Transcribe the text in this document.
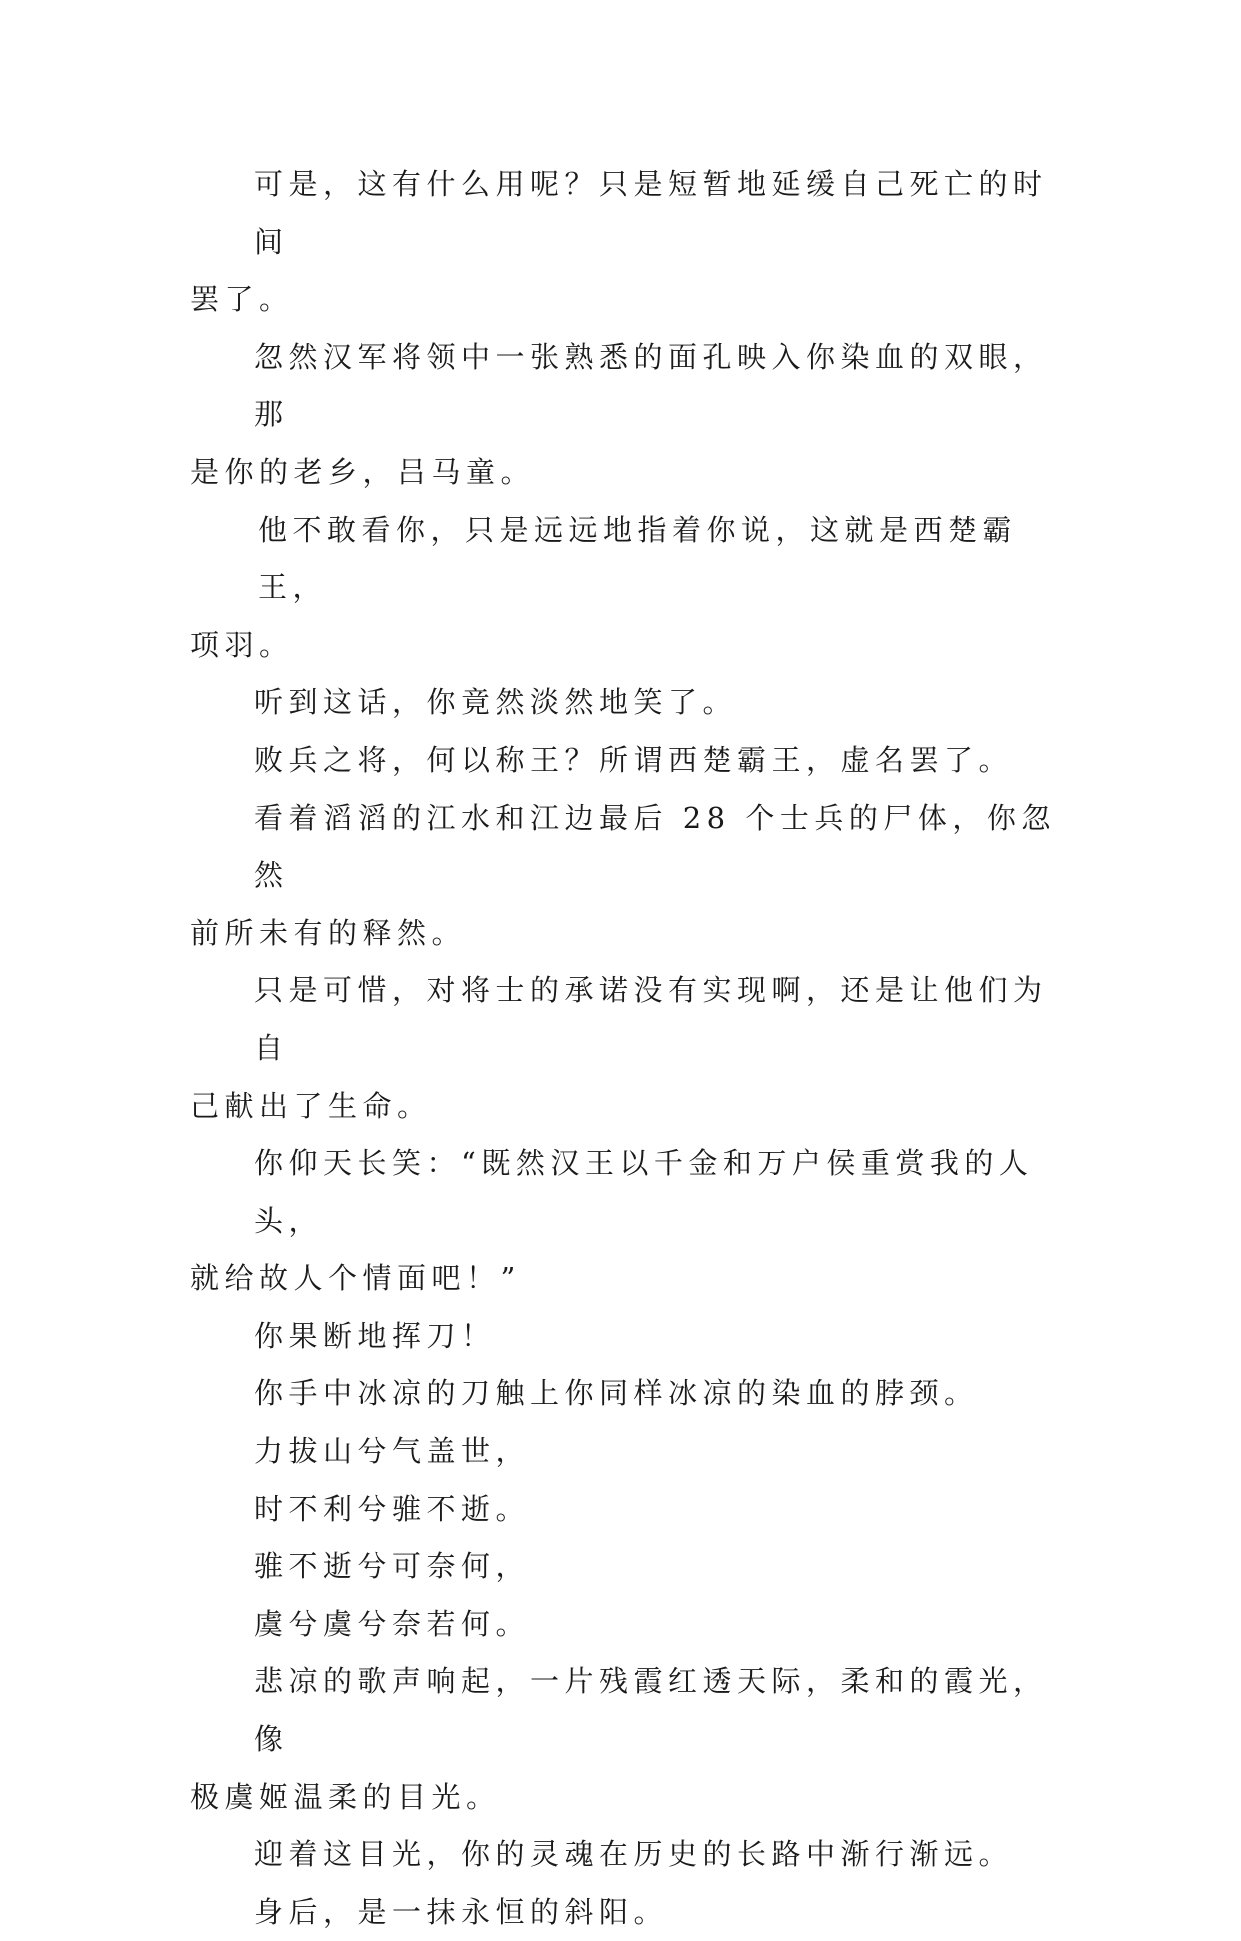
可是，这有什么用呢？只是短暂地延缓自己死亡的时间
罢了。

忽然汉军将领中一张熟悉的面孔映入你染血的双眼，那
是你的老乡，吕马童。

他不敢看你，只是远远地指着你说，这就是西楚霸王，
项羽。

听到这话，你竟然淡然地笑了。

败兵之将，何以称王？所谓西楚霸王，虚名罢了。

看着滔滔的江水和江边最后 28 个士兵的尸体，你忽然
前所未有的释然。

只是可惜，对将士的承诺没有实现啊，还是让他们为自
己献出了生命。

你仰天长笑：“既然汉王以千金和万户侯重赏我的人头，
就给故人个情面吧！”

你果断地挥刀！

你手中冰凉的刀触上你同样冰凉的染血的脖颈。

力拔山兮气盖世，

时不利兮骓不逝。

骓不逝兮可奈何，

虞兮虞兮奈若何。

悲凉的歌声响起，一片残霞红透天际，柔和的霞光，像
极虞姬温柔的目光。

迎着这目光，你的灵魂在历史的长路中渐行渐远。

身后，是一抹永恒的斜阳。
